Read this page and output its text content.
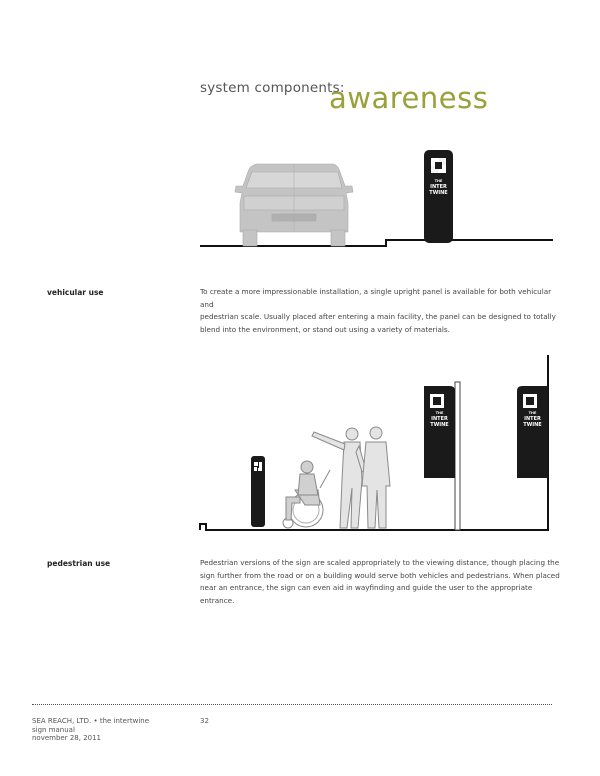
system components:
awareness
THE
INTER
TWINE
THE
INTER
TWINE
THE
INTER
TWINE
vehicular use	To create a more impressionable installation, a single upright panel is available for both vehicular and
pedestrian scale. Usually placed after entering a main facility, the panel can be designed to totally
blend into the environment, or stand out using a variety of materials.
pedestrian use	Pedestrian versions of the sign are scaled appropriately to the viewing distance, though placing the
sign further from the road or on a building would serve both vehicles and pedestrians. When placed
near an entrance, the sign can even aid in wayfinding and guide the user to the appropriate entrance.
SEA REACH, LTD. • the intertwine
sign manual
november 28, 2011
32
